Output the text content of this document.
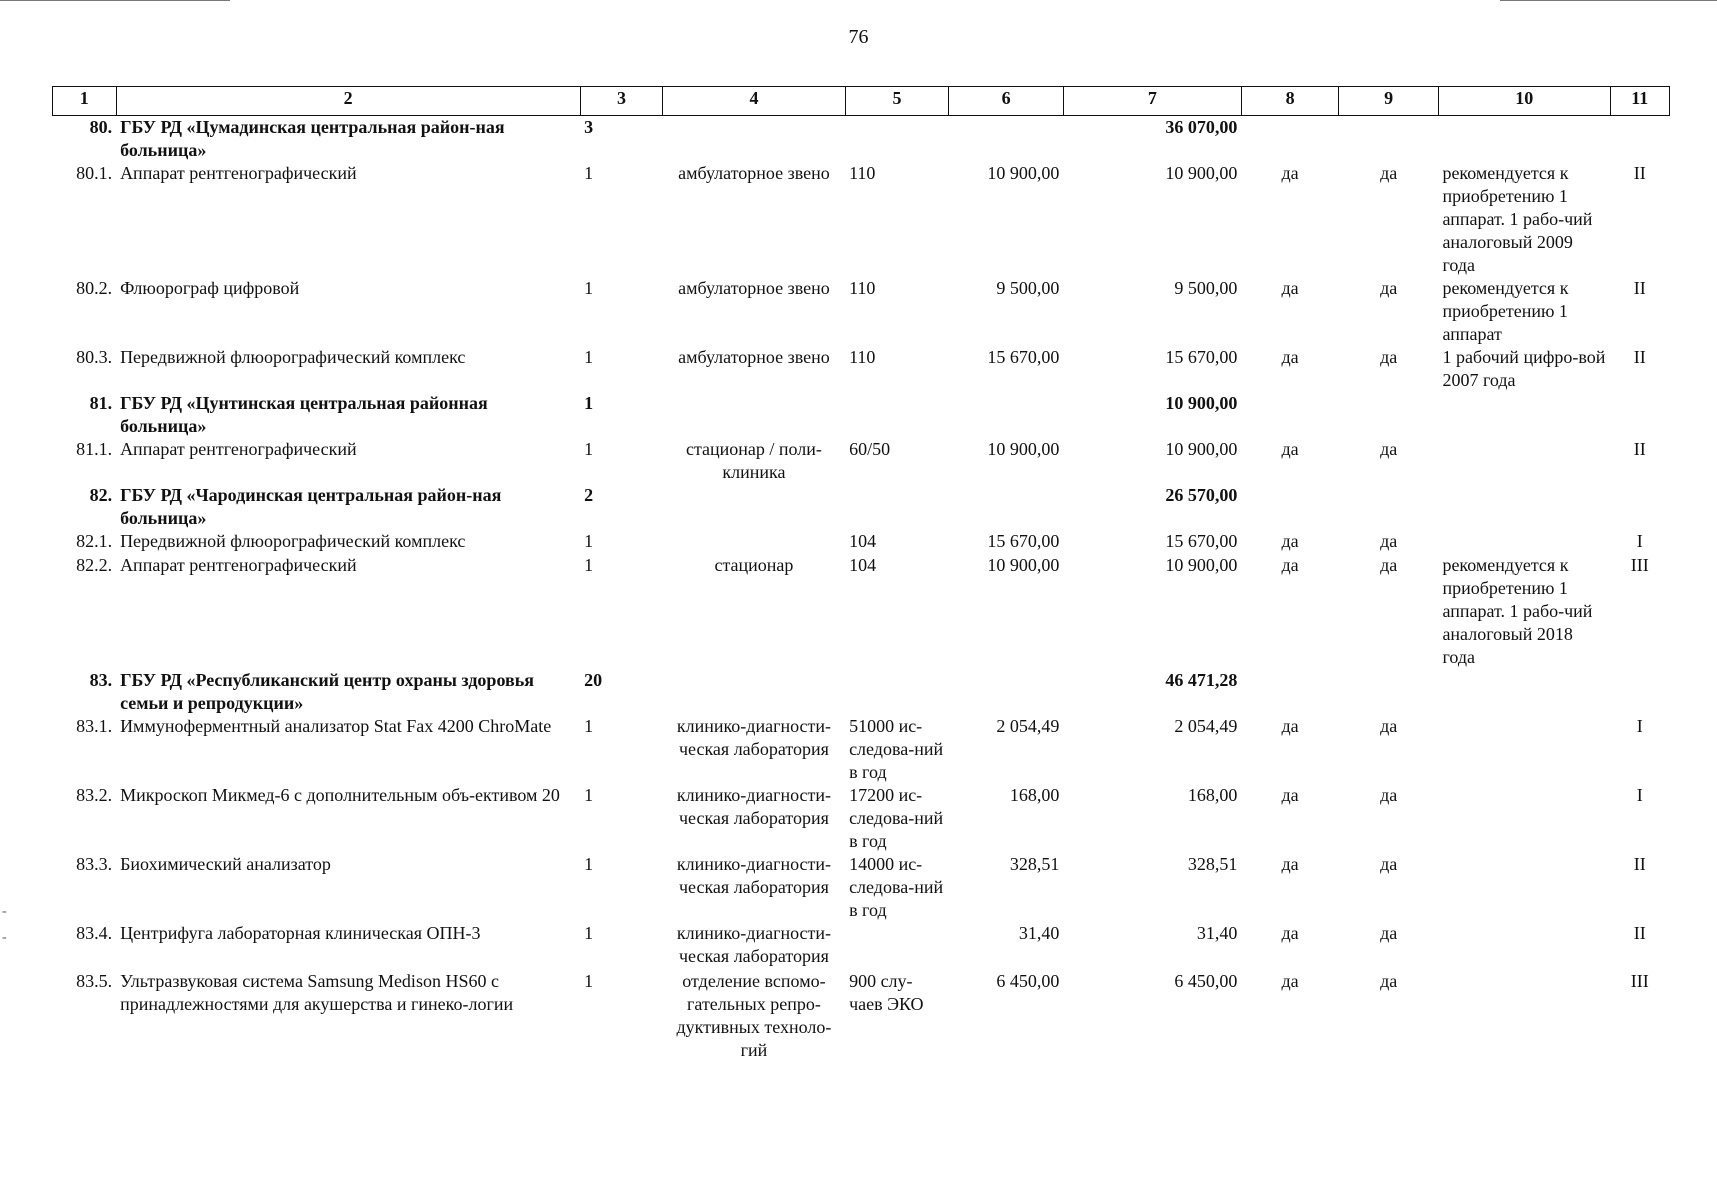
76
-
-
1	2	3	4	5	6	7	8	9	10	11
80.	ГБУ РД «Цумадинская центральная район-ная больница»	3				36 070,00				
80.1.	Аппарат рентгенографический	1	амбулаторное звено	110	10 900,00	10 900,00	да	да	рекомендуется к приобретению 1 аппарат. 1 рабо-чий аналоговый 2009 года	II
80.2.	Флюорограф цифровой	1	амбулаторное звено	110	9 500,00	9 500,00	да	да	рекомендуется к приобретению 1 аппарат	II
80.3.	Передвижной флюорографический комплекс	1	амбулаторное звено	110	15 670,00	15 670,00	да	да	1 рабочий цифро-вой 2007 года	II
81.	ГБУ РД «Цунтинская центральная районная больница»	1				10 900,00				
81.1.	Аппарат рентгенографический	1	стационар / поли-клиника	60/50	10 900,00	10 900,00	да	да		II
82.	ГБУ РД «Чародинская центральная район-ная больница»	2				26 570,00				
82.1.	Передвижной флюорографический комплекс	1		104	15 670,00	15 670,00	да	да		I
82.2.	Аппарат рентгенографический	1	стационар	104	10 900,00	10 900,00	да	да	рекомендуется к приобретению 1 аппарат. 1 рабо-чий аналоговый 2018 года	III
83.	ГБУ РД «Республиканский центр охраны здоровья семьи и репродукции»	20				46 471,28				
83.1.	Иммуноферментный анализатор Stat Fax 4200 ChroMate	1	клинико-диагности-ческая лаборатория	51000 ис-следова-ний в год	2 054,49	2 054,49	да	да		I
83.2.	Микроскоп Микмед-6 с дополнительным объ-ективом 20	1	клинико-диагности-ческая лаборатория	17200 ис-следова-ний в год	168,00	168,00	да	да		I
83.3.	Биохимический анализатор	1	клинико-диагности-ческая лаборатория	14000 ис-следова-ний в год	328,51	328,51	да	да		II
83.4.	Центрифуга лабораторная клиническая ОПН-3	1	клинико-диагности-ческая лаборатория		31,40	31,40	да	да		II
83.5.	Ультразвуковая система Samsung Medison HS60 с принадлежностями для акушерства и гинеко-логии	1	отделение вспомо-гательных репро-дуктивных техноло-гий	900 слу-чаев ЭКО	6 450,00	6 450,00	да	да		III
